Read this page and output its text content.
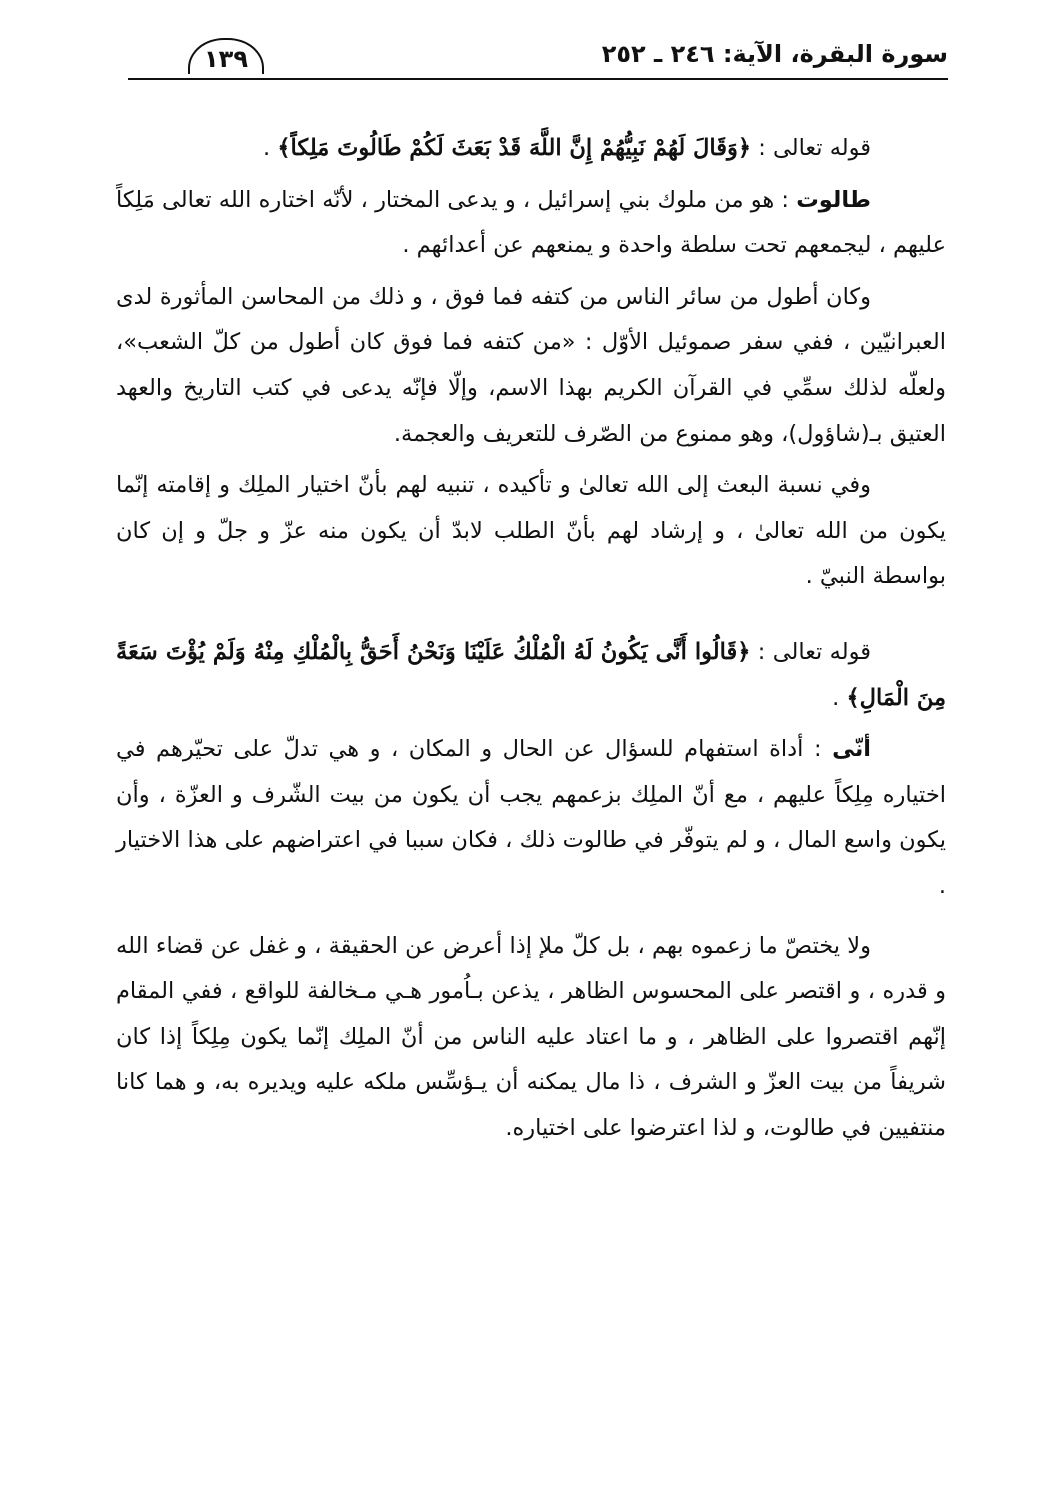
سورة البقرة، الآية: ٢٤٦ ـ ٢٥٢
١٣٩

قوله تعالى : ﴿وَقَالَ لَهُمْ نَبِيُّهُمْ إِنَّ اللَّهَ قَدْ بَعَثَ لَكُمْ طَالُوتَ مَلِكاً﴾ .

طالوت : هو من ملوك بني إسرائيل ، و يدعى المختار ، لأنّه اختاره الله تعالى مَلِكاً عليهم ، ليجمعهم تحت سلطة واحدة و يمنعهم عن أعدائهم .

وكان أطول من سائر الناس من كتفه فما فوق ، و ذلك من المحاسن المأثورة لدى العبرانيّين ، ففي سفر صموئيل الأوّل : «من كتفه فما فوق كان أطول من كلّ الشعب»، ولعلّه لذلك سمِّي في القرآن الكريم بهذا الاسم، وإلّا فإنّه يدعى في كتب التاريخ والعهد العتيق بـ(شاؤول)، وهو ممنوع من الصّرف للتعريف والعجمة.

وفي نسبة البعث إلى الله تعالىٰ و تأكيده ، تنبيه لهم بأنّ اختيار الملِك و إقامته إنّما يكون من الله تعالىٰ ، و إرشاد لهم بأنّ الطلب لابدّ أن يكون منه عزّ و جلّ و إن كان بواسطة النبيّ .

قوله تعالى : ﴿قَالُوا أَنَّى يَكُونُ لَهُ الْمُلْكُ عَلَيْنَا وَنَحْنُ أَحَقُّ بِالْمُلْكِ مِنْهُ وَلَمْ يُؤْتَ سَعَةً مِنَ الْمَالِ﴾ .

أنّى : أداة استفهام للسؤال عن الحال و المكان ، و هي تدلّ على تحيّرهم في اختياره مِلِكاً عليهم ، مع أنّ الملِك بزعمهم يجب أن يكون من بيت الشّرف و العزّة ، وأن يكون واسع المال ، و لم يتوفّر في طالوت ذلك ، فكان سببا في اعتراضهم على هذا الاختيار .

ولا يختصّ ما زعموه بهم ، بل كلّ ملإ إذا أعرض عن الحقيقة ، و غفل عن قضاء الله و قدره ، و اقتصر على المحسوس الظاهر ، يذعن بـاُمور هـي مـخالفة للواقع ، ففي المقام إنّهم اقتصروا على الظاهر ، و ما اعتاد عليه الناس من أنّ الملِك إنّما يكون مِلِكاً إذا كان شريفاً من بيت العزّ و الشرف ، ذا مال يمكنه أن يـؤسِّس ملكه عليه ويديره به، و هما كانا منتفيين في طالوت، و لذا اعترضوا على اختياره.
